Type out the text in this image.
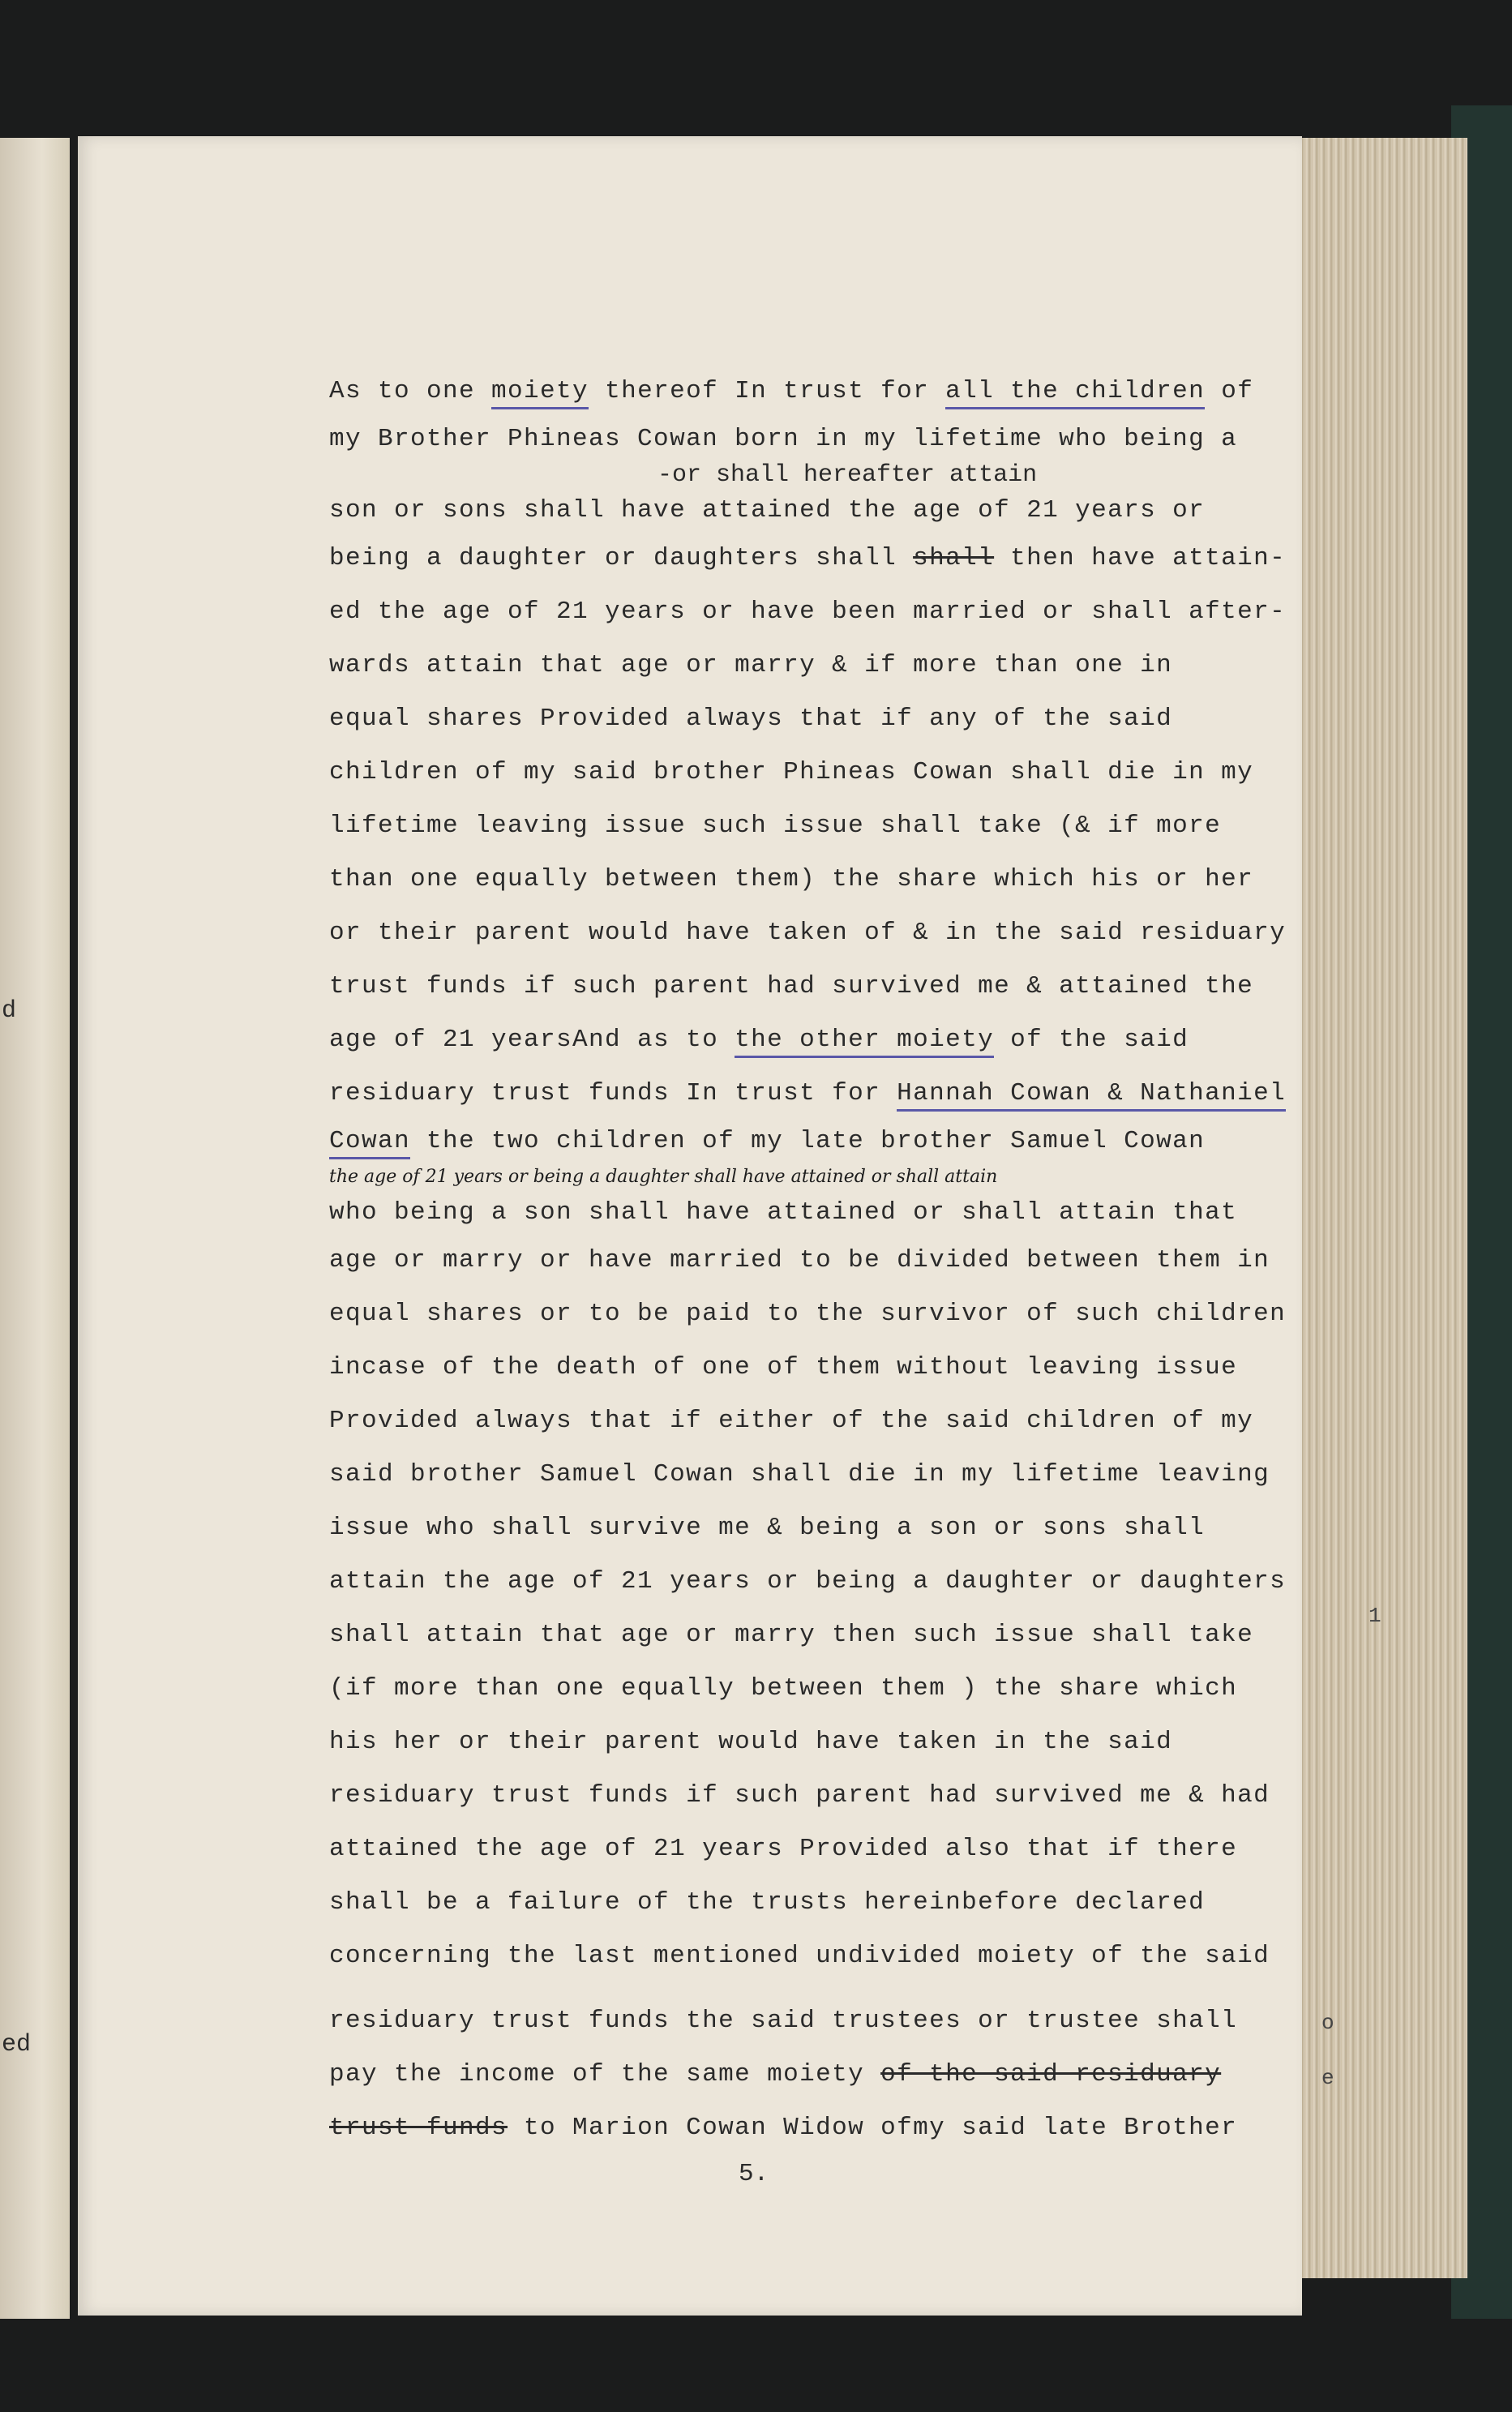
d
ed
1
o
e
As to one moiety thereof In trust for all the children of
my Brother Phineas Cowan born in my lifetime who being a
-or shall hereafter attain
son or sons shall have attained the age of 21 years or
being a daughter or daughters shall shall then have attain-
ed the age of 21 years or have been married or shall after-
wards attain that age or marry & if more than one in
equal shares Provided always that if any of the said
children of my said brother Phineas Cowan shall die in my
lifetime leaving issue such issue shall take (& if more
than one equally between them) the share which his or her
or their parent would have taken of & in the said residuary
trust funds if such parent had survived me & attained the
age of 21 yearsAnd as to the other moiety of the said
residuary trust funds In trust for Hannah Cowan & Nathaniel
Cowan the two children of my late brother Samuel Cowan
the age of 21 years or being a daughter shall have attained or shall attain
who being a son shall have attained or shall attain that
age or marry or have married to be divided between them in
equal shares or to be paid to the survivor of such children
incase of the death of one of them without leaving issue
Provided always that if either of the said children of my
said brother Samuel Cowan shall die in my lifetime leaving
issue who shall survive me & being a son or sons shall
attain the age of 21 years or being a daughter or daughters
shall attain that age or marry then such issue shall take
(if more than one equally between them ) the share which
his her or their parent would have taken in the said
residuary trust funds if such parent had survived me & had
attained the age of 21 years Provided also that if there
shall be a failure of the trusts hereinbefore declared
concerning the last mentioned undivided moiety of the said
residuary trust funds the said trustees or trustee shall
pay the income of the same moiety of the said residuary
trust funds to Marion Cowan Widow ofmy said late Brother
5.
